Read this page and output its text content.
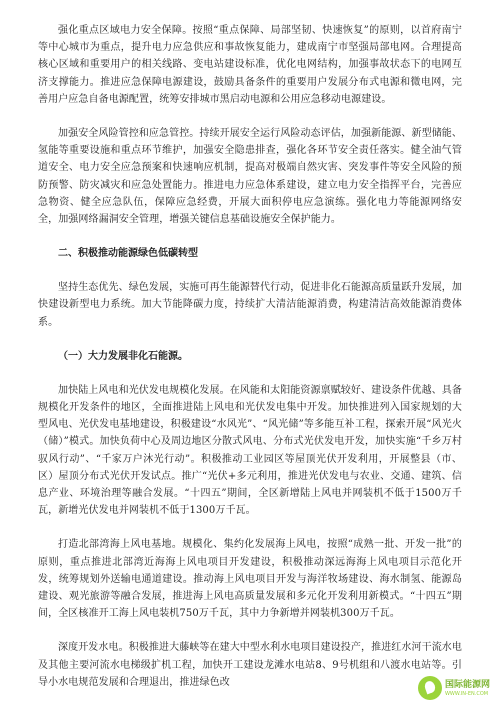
强化重点区域电力安全保障。按照“重点保障、局部坚韧、快速恢复”的原则，以首府南宁等中心城市为重点，提升电力应急供应和事故恢复能力，建成南宁市坚强局部电网。合理提高核心区域和重要用户的相关线路、变电站建设标准，优化电网结构，加强事故状态下的电网互济支撑能力。推进应急保障电源建设，鼓励具备条件的重要用户发展分布式电源和微电网，完善用户应急自备电源配置，统筹安排城市黑启动电源和公用应急移动电源建设。

加强安全风险管控和应急管控。持续开展安全运行风险动态评估，加强新能源、新型储能、氢能等重要设施和重点环节维护，加强安全隐患排查，强化各环节安全责任落实。健全油气管道安全、电力安全应急预案和快速响应机制，提高对极端自然灾害、突发事件等安全风险的预防预警、防灾减灾和应急处置能力。推进电力应急体系建设，建立电力安全指挥平台，完善应急物资、健全应急队伍，保障应急经费，开展大面积停电应急演练。强化电力等能源网络安全，加强网络漏洞安全管理，增强关键信息基础设施安全保护能力。

二、积极推动能源绿色低碳转型

坚持生态优先、绿色发展，实施可再生能源替代行动，促进非化石能源高质量跃升发展，加快建设新型电力系统。加大节能降碳力度，持续扩大清洁能源消费，构建清洁高效能源消费体系。

（一）大力发展非化石能源。

加快陆上风电和光伏发电规模化发展。在风能和太阳能资源禀赋较好、建设条件优越、具备规模化开发条件的地区，全面推进陆上风电和光伏发电集中开发。加快推进列入国家规划的大型风电、光伏发电基地建设，积极建设“水风光”、“风光储”等多能互补工程，探索开展“风光火（储）”模式。加快负荷中心及周边地区分散式风电、分布式光伏发电开发，加快实施“千乡万村驭风行动”、“千家万户沐光行动”。积极推动工业园区等屋顶光伏开发利用，开展整县（市、区）屋顶分布式光伏开发试点。推广“光伏+多元利用，推进光伏发电与农业、交通、建筑、信息产业、环境治理等融合发展。“十四五”期间，全区新增陆上风电并网装机不低于1500万千瓦，新增光伏发电并网装机不低于1300万千瓦。

打造北部湾海上风电基地。规模化、集约化发展海上风电，按照“成熟一批、开发一批”的原则，重点推进北部湾近海海上风电项目开发建设，积极推动深远海海上风电项目示范化开发，统筹规划外送输电通道建设。推动海上风电项目开发与海洋牧场建设、海水制氢、能源岛建设、观光旅游等融合发展，推进海上风电高质量发展和多元化开发利用新模式。“十四五”期间，全区核准开工海上风电装机750万千瓦，其中力争新增并网装机300万千瓦。

深度开发水电。积极推进大藤峡等在建大中型水利水电项目建设投产，推进红水河干流水电及其他主要河流水电梯级扩机工程，加快开工建设龙滩水电站8、9号机组和八渡水电站等。引导小水电规范发展和合理退出，推进绿色改	国际能源网
WWW.IN-EN.COM
